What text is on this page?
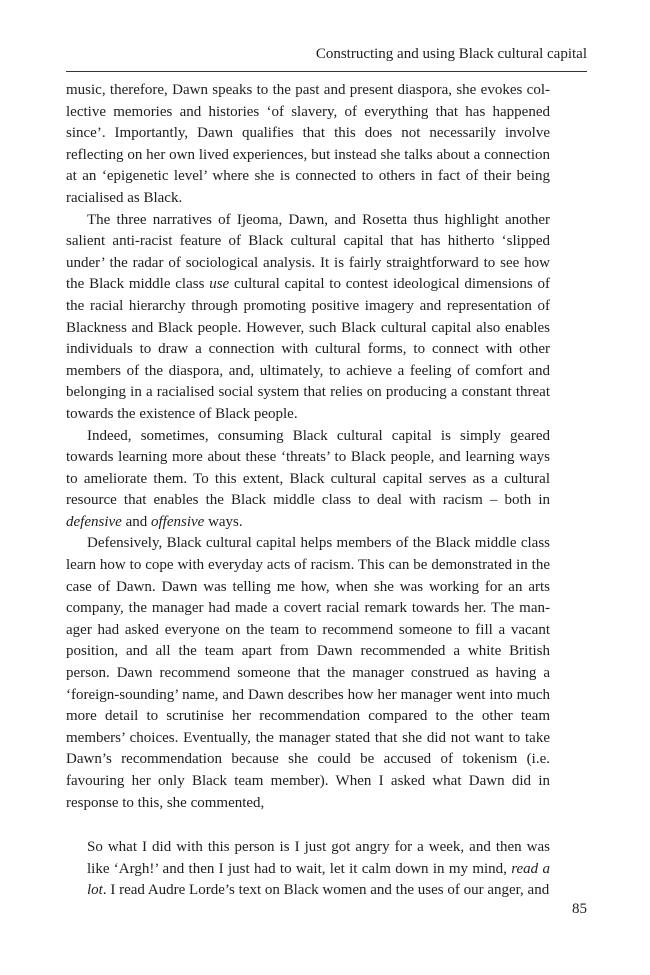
Constructing and using Black cultural capital

music, therefore, Dawn speaks to the past and present diaspora, she evokes collective memories and histories ‘of slavery, of everything that has happened since’. Importantly, Dawn qualifies that this does not necessarily involve reflecting on her own lived experiences, but instead she talks about a connection at an ‘epigenetic level’ where she is connected to others in fact of their being racialised as Black.

The three narratives of Ijeoma, Dawn, and Rosetta thus highlight another salient anti-racist feature of Black cultural capital that has hitherto ‘slipped under’ the radar of sociological analysis. It is fairly straightforward to see how the Black middle class use cultural capital to contest ideological dimensions of the racial hierarchy through promoting positive imagery and representation of Blackness and Black people. However, such Black cultural capital also enables individuals to draw a connection with cultural forms, to connect with other members of the diaspora, and, ultimately, to achieve a feeling of comfort and belonging in a racialised social system that relies on producing a constant threat towards the existence of Black people.

Indeed, sometimes, consuming Black cultural capital is simply geared towards learning more about these ‘threats’ to Black people, and learning ways to ameliorate them. To this extent, Black cultural capital serves as a cultural resource that enables the Black middle class to deal with racism – both in defensive and offensive ways.

Defensively, Black cultural capital helps members of the Black middle class learn how to cope with everyday acts of racism. This can be demonstrated in the case of Dawn. Dawn was telling me how, when she was working for an arts company, the manager had made a covert racial remark towards her. The manager had asked everyone on the team to recommend someone to fill a vacant position, and all the team apart from Dawn recommended a white British person. Dawn recommend someone that the manager construed as having a ‘foreign-sounding’ name, and Dawn describes how her manager went into much more detail to scrutinise her recommendation compared to the other team members’ choices. Eventually, the manager stated that she did not want to take Dawn’s recommendation because she could be accused of tokenism (i.e. favouring her only Black team member). When I asked what Dawn did in response to this, she commented,

So what I did with this person is I just got angry for a week, and then was like ‘Argh!’ and then I just had to wait, let it calm down in my mind, read a lot. I read Audre Lorde’s text on Black women and the uses of our anger, and

85
